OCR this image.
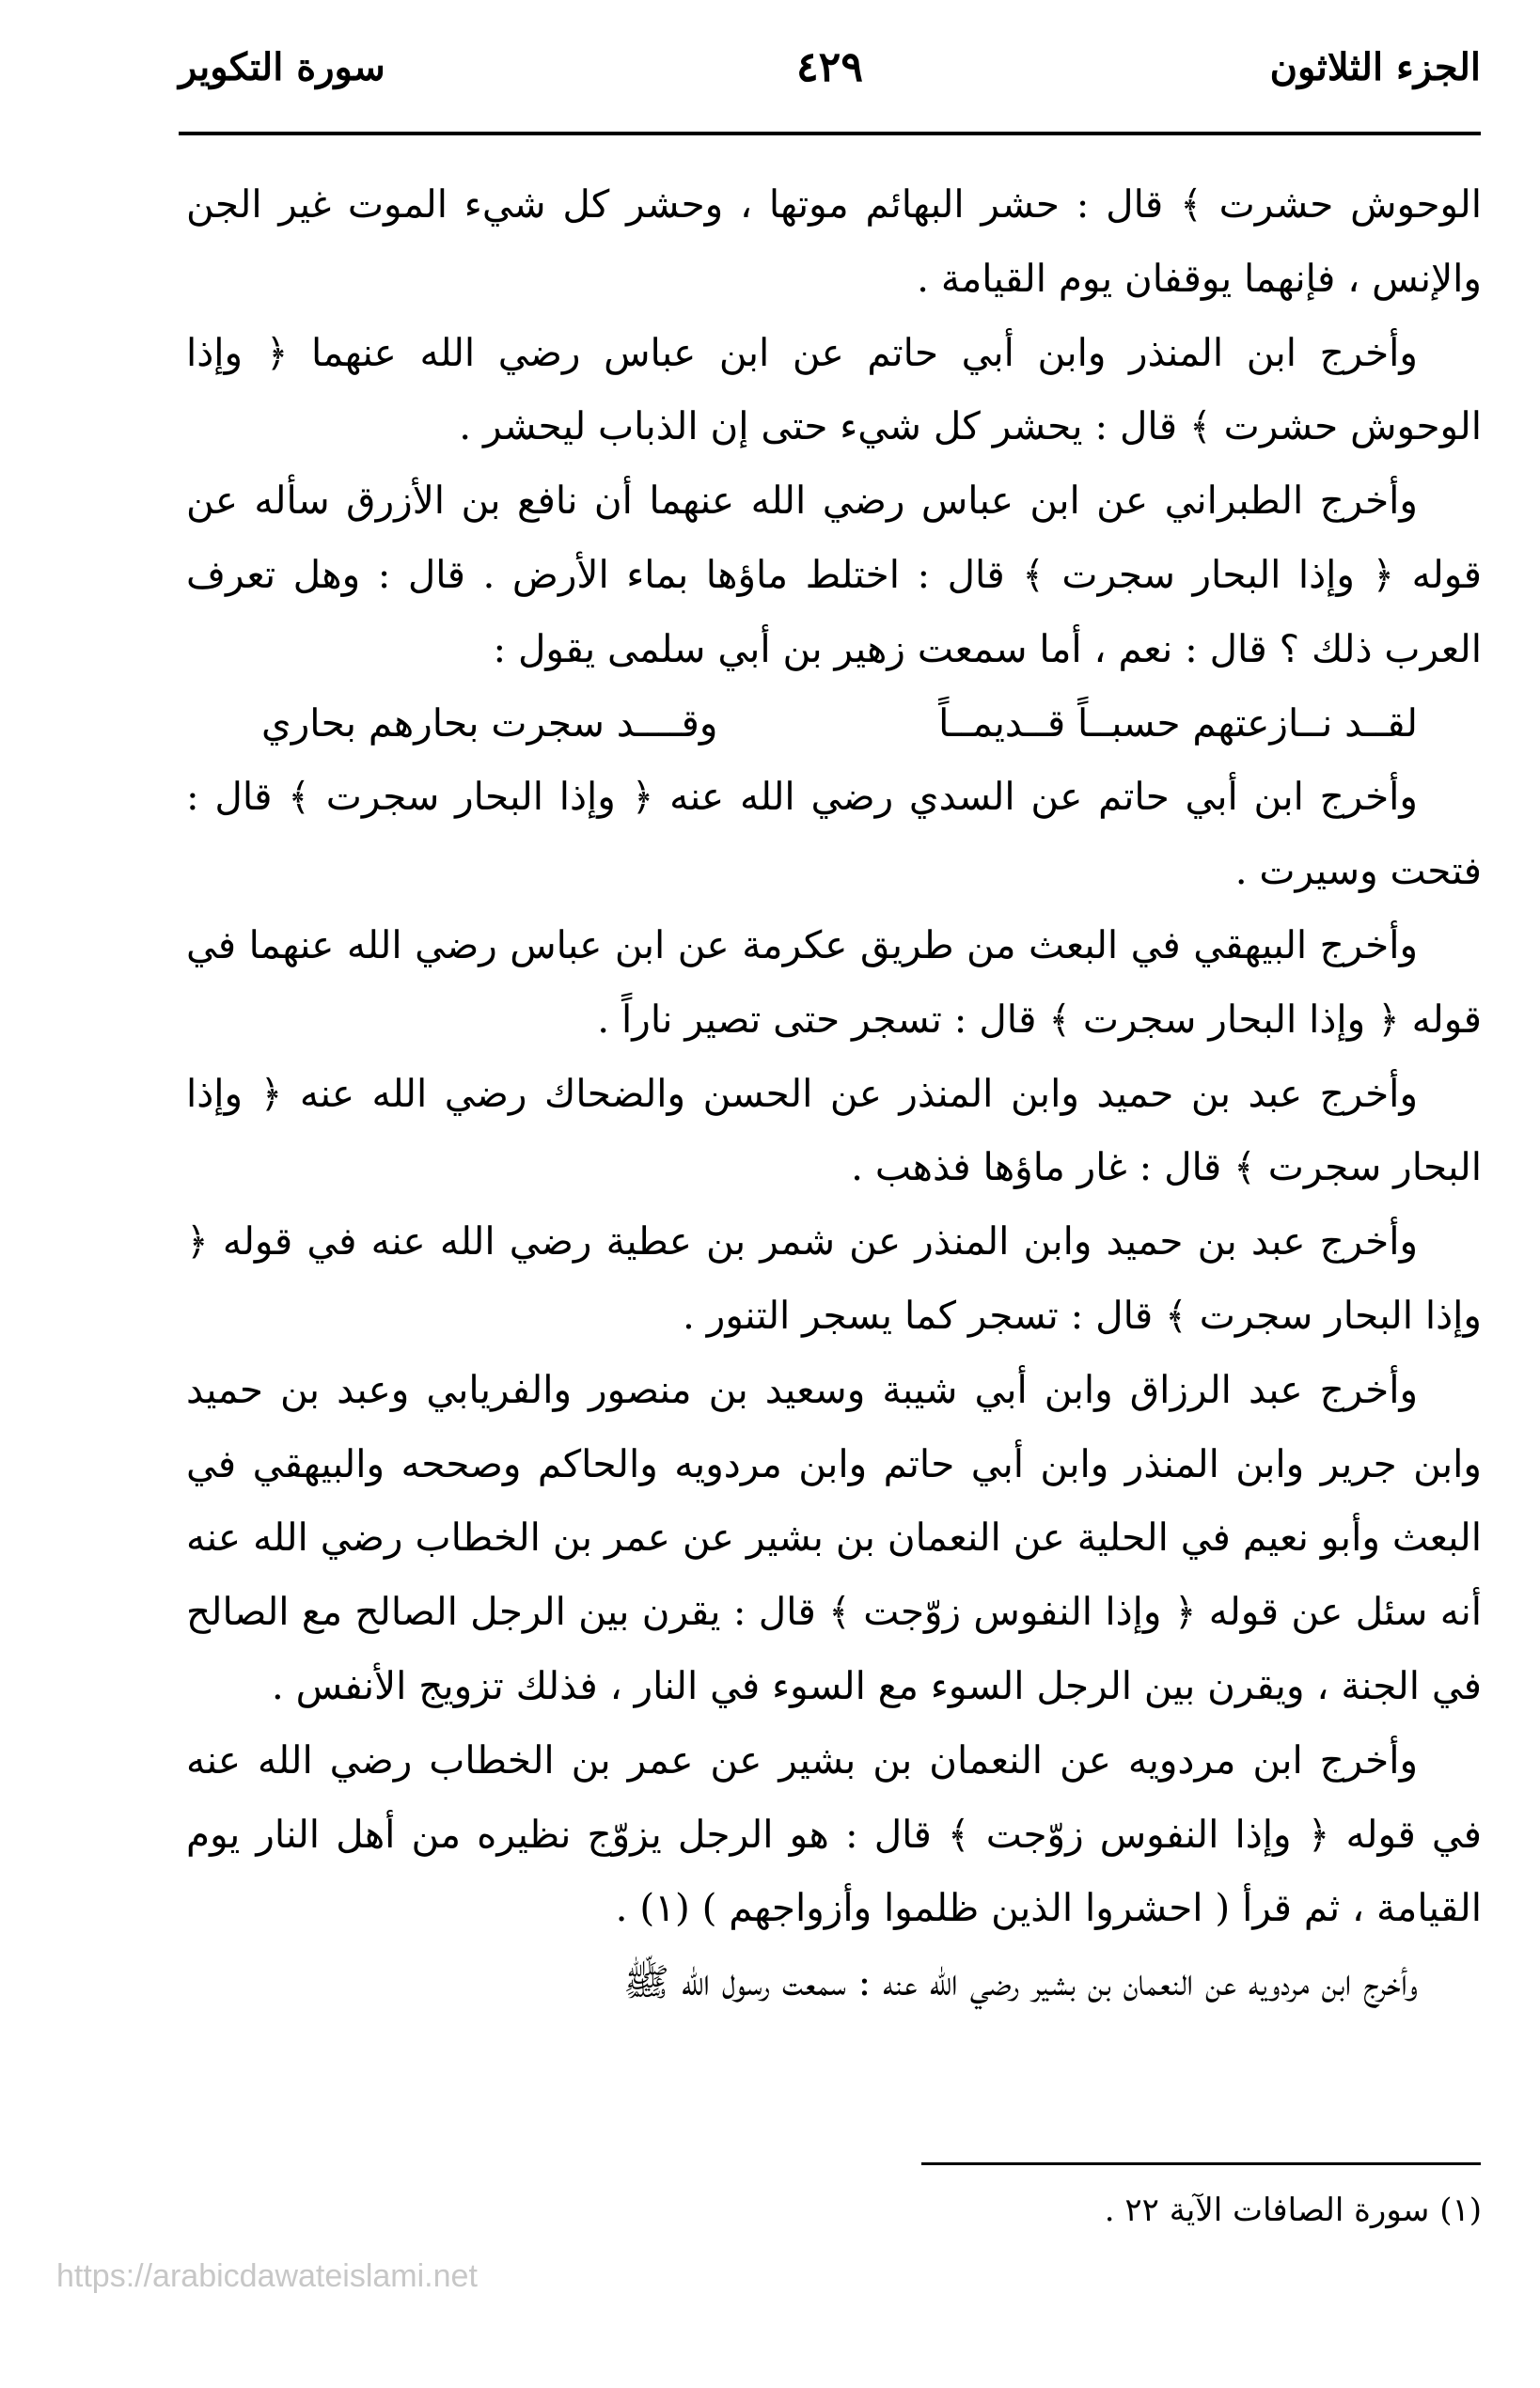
الجزء الثلاثون
٤٢٩
سورة التكوير

الوحوش حشرت ﴾ قال : حشر البهائم موتها ، وحشر كل شيء الموت غير الجن والإنس ، فإنهما يوقفان يوم القيامة .

وأخرج ابن المنذر وابن أبي حاتم عن ابن عباس رضي الله عنهما ﴿ وإذا الوحوش حشرت ﴾ قال : يحشر كل شيء حتى إن الذباب ليحشر .

وأخرج الطبراني عن ابن عباس رضي الله عنهما أن نافع بن الأزرق سأله عن قوله ﴿ وإذا البحار سجرت ﴾ قال : اختلط ماؤها بماء الأرض . قال : وهل تعرف العرب ذلك ؟ قال : نعم ، أما سمعت زهير بن أبي سلمى يقول :

لقــد نــازعتهم حسبــاً قــديمــاً
وقــــد سجرت بحارهم بحاري

وأخرج ابن أبي حاتم عن السدي رضي الله عنه ﴿ وإذا البحار سجرت ﴾ قال : فتحت وسيرت .

وأخرج البيهقي في البعث من طريق عكرمة عن ابن عباس رضي الله عنهما في قوله ﴿ وإذا البحار سجرت ﴾ قال : تسجر حتى تصير ناراً .

وأخرج عبد بن حميد وابن المنذر عن الحسن والضحاك رضي الله عنه ﴿ وإذا البحار سجرت ﴾ قال : غار ماؤها فذهب .

وأخرج عبد بن حميد وابن المنذر عن شمر بن عطية رضي الله عنه في قوله ﴿ وإذا البحار سجرت ﴾ قال : تسجر كما يسجر التنور .

وأخرج عبد الرزاق وابن أبي شيبة وسعيد بن منصور والفريابي وعبد بن حميد وابن جرير وابن المنذر وابن أبي حاتم وابن مردويه والحاكم وصححه والبيهقي في البعث وأبو نعيم في الحلية عن النعمان بن بشير عن عمر بن الخطاب رضي الله عنه أنه سئل عن قوله ﴿ وإذا النفوس زوّجت ﴾ قال : يقرن بين الرجل الصالح مع الصالح في الجنة ، ويقرن بين الرجل السوء مع السوء في النار ، فذلك تزويج الأنفس .

وأخرج ابن مردويه عن النعمان بن بشير عن عمر بن الخطاب رضي الله عنه في قوله ﴿ وإذا النفوس زوّجت ﴾ قال : هو الرجل يزوّج نظيره من أهل النار يوم القيامة ، ثم قرأ ( احشروا الذين ظلموا وأزواجهم ) (١) .

وأخرج ابن مردويه عن النعمان بن بشير رضي الله عنه : سمعت رسول الله ﷺ

(١) سورة الصافات الآية ٢٢ .
https://arabicdawateislami.net
